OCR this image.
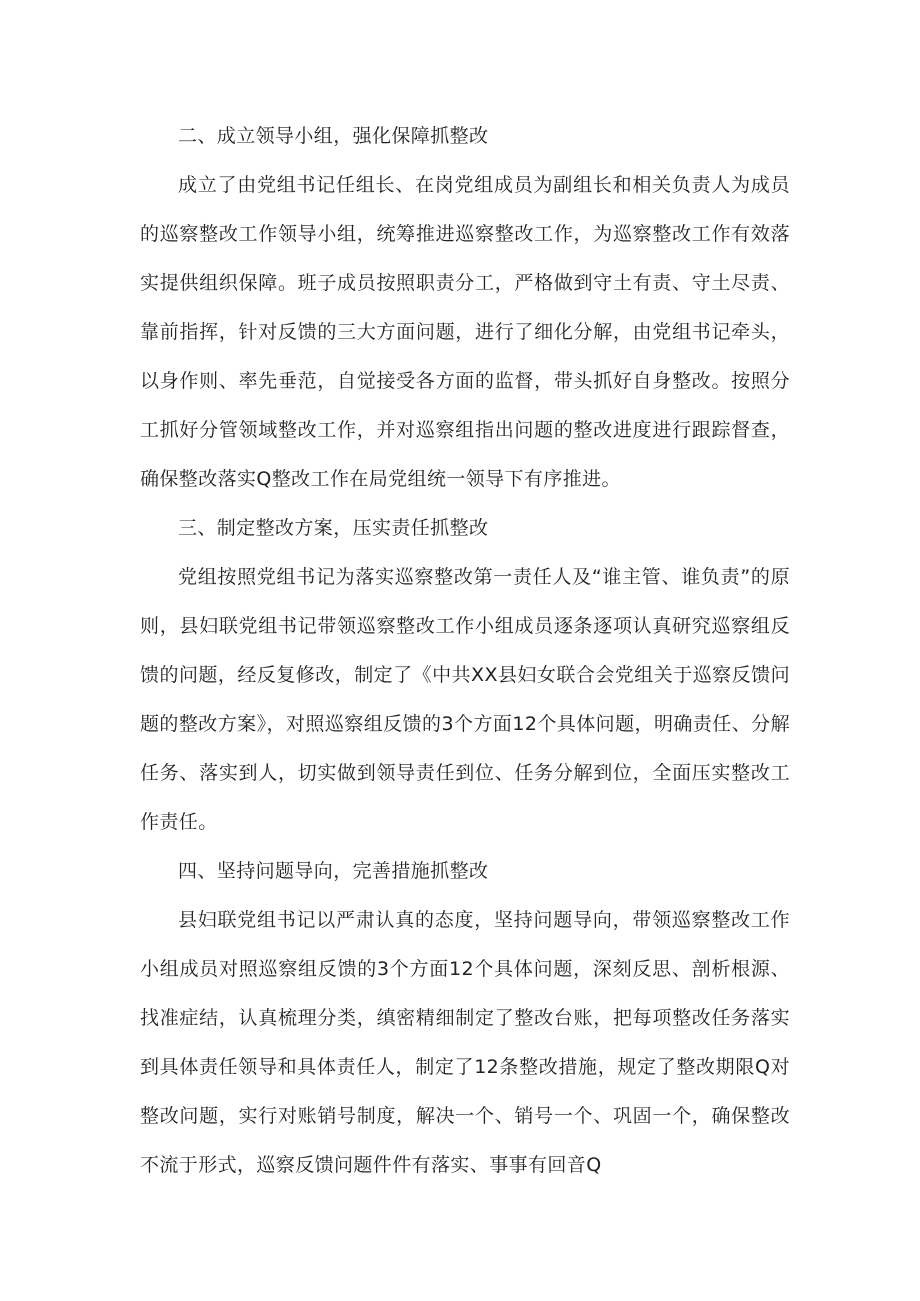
二、成立领导小组，强化保障抓整改

成立了由党组书记任组长、在岗党组成员为副组长和相关负责人为成员的巡察整改工作领导小组，统筹推进巡察整改工作，为巡察整改工作有效落实提供组织保障。班子成员按照职责分工，严格做到守土有责、守土尽责、靠前指挥，针对反馈的三大方面问题，进行了细化分解，由党组书记牵头，以身作则、率先垂范，自觉接受各方面的监督，带头抓好自身整改。按照分工抓好分管领域整改工作，并对巡察组指出问题的整改进度进行跟踪督查，确保整改落实Q整改工作在局党组统一领导下有序推进。

三、制定整改方案，压实责任抓整改

党组按照党组书记为落实巡察整改第一责任人及“谁主管、谁负责”的原则，县妇联党组书记带领巡察整改工作小组成员逐条逐项认真研究巡察组反馈的问题，经反复修改，制定了《中共XX县妇女联合会党组关于巡察反馈问题的整改方案》，对照巡察组反馈的3个方面12个具体问题，明确责任、分解任务、落实到人，切实做到领导责任到位、任务分解到位，全面压实整改工作责任。

四、坚持问题导向，完善措施抓整改

县妇联党组书记以严肃认真的态度，坚持问题导向，带领巡察整改工作小组成员对照巡察组反馈的3个方面12个具体问题，深刻反思、剖析根源、找准症结，认真梳理分类，缜密精细制定了整改台账，把每项整改任务落实到具体责任领导和具体责任人，制定了12条整改措施，规定了整改期限Q对整改问题，实行对账销号制度，解决一个、销号一个、巩固一个，确保整改不流于形式，巡察反馈问题件件有落实、事事有回音Q
